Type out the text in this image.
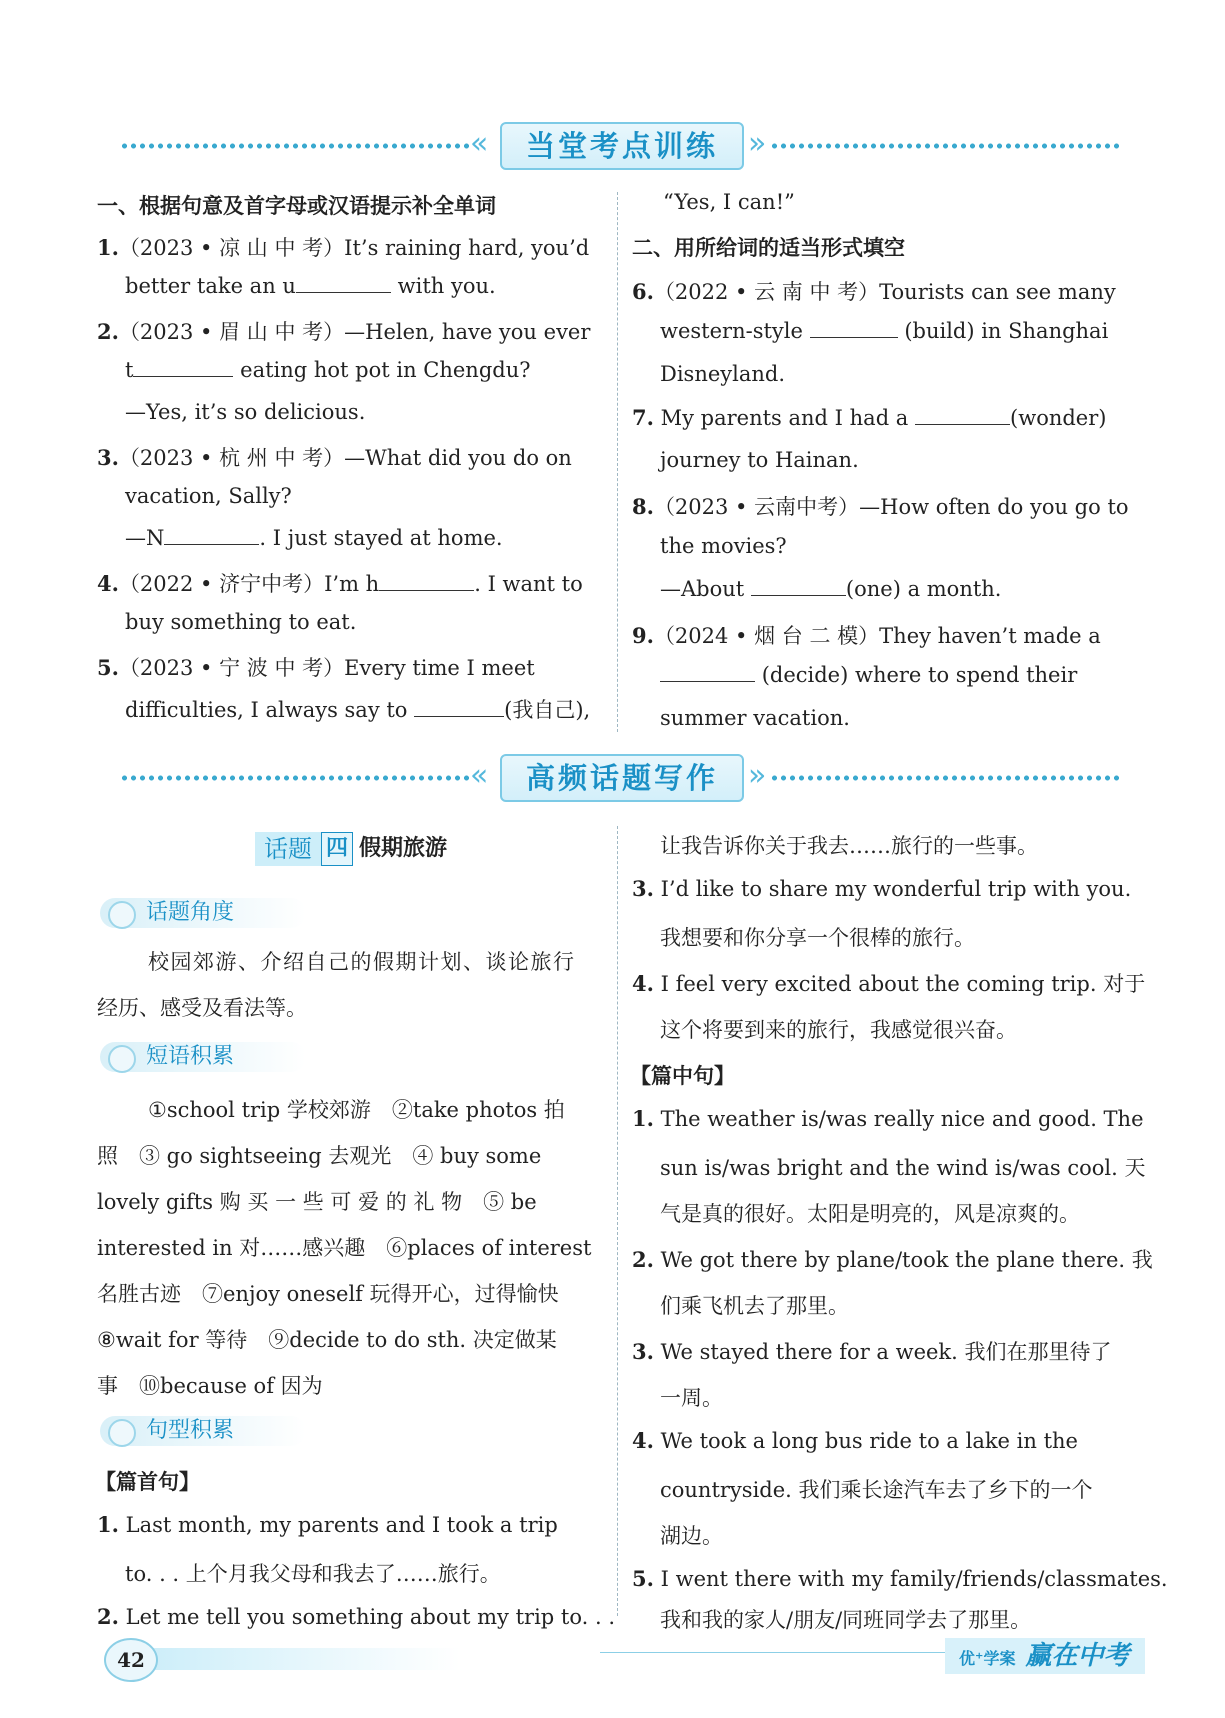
«	当堂考点训练	»
一、根据句意及首字母或汉语提示补全单词
1.（2023 • 凉 山 中 考）It’s raining hard, you’d
better take an u	with you.
2.（2023 • 眉 山 中 考）—Helen, have you ever
t	eating hot pot in Chengdu?
—Yes, it’s so delicious.
3.（2023 • 杭 州 中 考）—What did you do on
vacation, Sally?
—N	. I just stayed at home.
4.（2022 • 济宁中考）I’m h	. I want to
buy something to eat.
5.（2023 • 宁 波 中 考）Every time I meet
difficulties, I always say to	(我自己),
“Yes, I can!”
二、用所给词的适当形式填空
6.（2022 • 云 南 中 考）Tourists can see many
western-style	(build) in Shanghai
Disneyland.
7. My parents and I had a	(wonder)
journey to Hainan.
8.（2023 • 云南中考）—How often do you go to
the movies?
—About	(one) a month.
9.（2024 • 烟 台 二 模）They haven’t made a
(decide) where to spend their
summer vacation.
«	高频话题写作	»
话题 四 假期旅游
话题角度
校园郊游、介绍自己的假期计划、谈论旅行
经历、感受及看法等。
短语积累
①school trip 学校郊游　②take photos 拍
照　③ go sightseeing 去观光　④ buy some
lovely gifts 购 买 一 些 可 爱 的 礼 物　⑤ be
interested in 对……感兴趣　⑥places of interest
名胜古迹　⑦enjoy oneself 玩得开心，过得愉快
⑧wait for 等待　⑨decide to do sth. 决定做某
事　⑩because of 因为
句型积累
【篇首句】
1. Last month, my parents and I took a trip
to. . . 上个月我父母和我去了……旅行。
2. Let me tell you something about my trip to. . .
让我告诉你关于我去……旅行的一些事。
3. I’d like to share my wonderful trip with you.
我想要和你分享一个很棒的旅行。
4. I feel very excited about the coming trip. 对于
这个将要到来的旅行，我感觉很兴奋。
【篇中句】
1. The weather is/was really nice and good. The
sun is/was bright and the wind is/was cool. 天
气是真的很好。太阳是明亮的，风是凉爽的。
2. We got there by plane/took the plane there. 我
们乘飞机去了那里。
3. We stayed there for a week. 我们在那里待了
一周。
4. We took a long bus ride to a lake in the
countryside. 我们乘长途汽车去了乡下的一个
湖边。
5. I went there with my family/friends/classmates.
我和我的家人/朋友/同班同学去了那里。
42	优⁺学案 赢在中考
